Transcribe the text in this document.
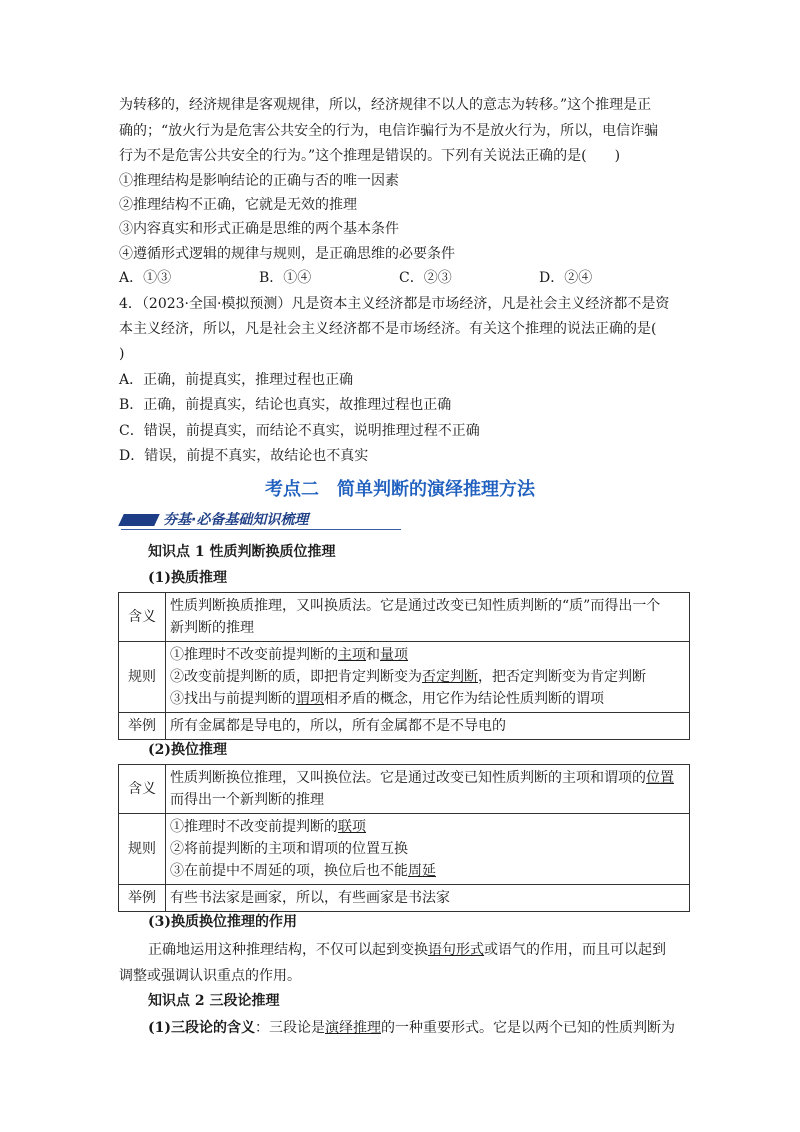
为转移的，经济规律是客观规律，所以，经济规律不以人的意志为转移。”这个推理是正
确的；“放火行为是危害公共安全的行为，电信诈骗行为不是放火行为，所以，电信诈骗
行为不是危害公共安全的行为。”这个推理是错误的。下列有关说法正确的是(　　)
①推理结构是影响结论的正确与否的唯一因素
②推理结构不正确，它就是无效的推理
③内容真实和形式正确是思维的两个基本条件
④遵循形式逻辑的规律与规则，是正确思维的必要条件
A．①③	B．①④	C．②③	D．②④
4．（2023·全国·模拟预测）凡是资本主义经济都是市场经济，凡是社会主义经济都不是资
本主义经济，所以，凡是社会主义经济都不是市场经济。有关这个推理的说法正确的是(
)
A．正确，前提真实，推理过程也正确
B．正确，前提真实，结论也真实，故推理过程也正确
C．错误，前提真实，而结论不真实，说明推理过程不正确
D．错误，前提不真实，故结论也不真实
考点二　简单判断的演绎推理方法
夯基·必备基础知识梳理
知识点 1 性质判断换质位推理
(1)换质推理
含义	性质判断换质推理，又叫换质法。它是通过改变已知性质判断的“质”而得出一个
新判断的推理

规则	①推理时不改变前提判断的主项和量项
②改变前提判断的质，即把肯定判断变为否定判断，把否定判断变为肯定判断
③找出与前提判断的谓项相矛盾的概念，用它作为结论性质判断的谓项

举例	所有金属都是导电的，所以，所有金属都不是不导电的
(2)换位推理
含义	性质判断换位推理，又叫换位法。它是通过改变已知性质判断的主项和谓项的位置
而得出一个新判断的推理

规则	①推理时不改变前提判断的联项
②将前提判断的主项和谓项的位置互换
③在前提中不周延的项，换位后也不能周延

举例	有些书法家是画家，所以，有些画家是书法家
(3)换质换位推理的作用
正确地运用这种推理结构，不仅可以起到变换语句形式或语气的作用，而且可以起到
调整或强调认识重点的作用。
知识点 2 三段论推理
(1)三段论的含义：三段论是演绎推理的一种重要形式。它是以两个已知的性质判断为
